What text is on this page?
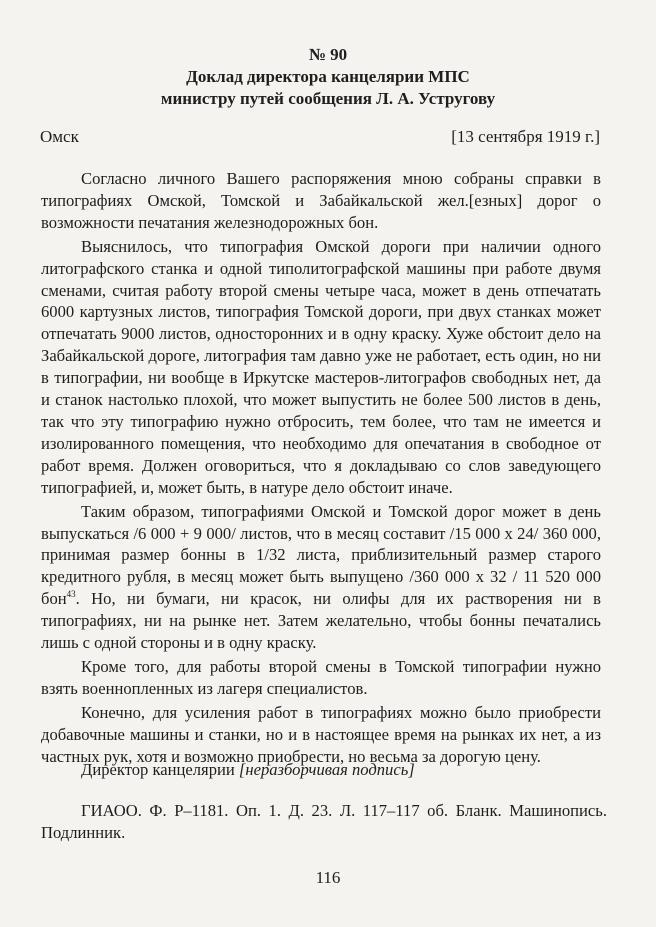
№ 90
Доклад директора канцелярии МПС
министру путей сообщения Л. А. Устругову
Омск	[13 сентября 1919 г.]

Согласно личного Вашего распоряжения мною собраны справки в типографиях Омской, Томской и Забайкальской жел.[езных] дорог о возможности печатания железнодорожных бон.

Выяснилось, что типография Омской дороги при наличии одного литографского станка и одной типолитографской машины при работе двумя сменами, считая работу второй смены четыре часа, может в день отпечатать 6000 картузных листов, типография Томской дороги, при двух станках может отпечатать 9000 листов, односторонних и в одну краску. Хуже обстоит дело на Забайкальской дороге, литография там давно уже не работает, есть один, но ни в типографии, ни вообще в Иркутске мастеров-литографов свободных нет, да и станок настолько плохой, что может выпустить не более 500 листов в день, так что эту типографию нужно отбросить, тем более, что там не имеется и изолированного помещения, что необходимо для опечатания в свободное от работ время. Должен оговориться, что я докладываю со слов заведующего типографией, и, может быть, в натуре дело обстоит иначе.

Таким образом, типографиями Омской и Томской дорог может в день выпускаться /6 000 + 9 000/ листов, что в месяц составит /15 000 х 24/ 360 000, принимая размер бонны в 1/32 листа, приблизительный размер старого кредитного рубля, в месяц может быть выпущено /360 000 х 32 / 11 520 000 бон$^{43}$. Но, ни бумаги, ни красок, ни олифы для их растворения ни в типографиях, ни на рынке нет. Затем желательно, чтобы бонны печатались лишь с одной стороны и в одну краску.

Кроме того, для работы второй смены в Томской типографии нужно взять военнопленных из лагеря специалистов.

Конечно, для усиления работ в типографиях можно было приобрести добавочные машины и станки, но и в настоящее время на рынках их нет, а из частных рук, хотя и возможно приобрести, но весьма за дорогую цену.

Директор канцелярии [неразборчивая подпись]
ГИАОО. Ф. Р–1181. Оп. 1. Д. 23. Л. 117–117 об. Бланк. Машинопись. Подлинник.
116
